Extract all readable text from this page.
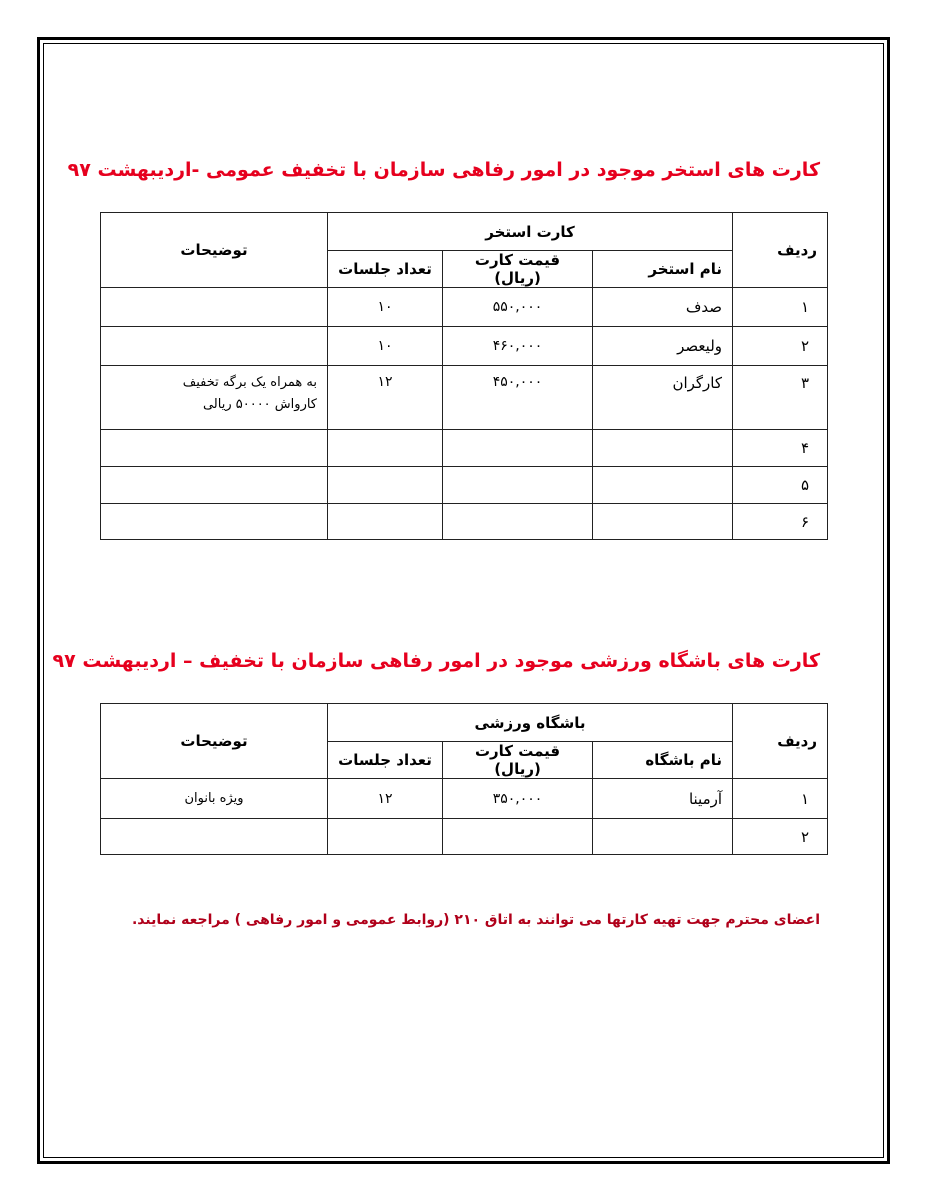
کارت های استخر موجود در امور رفاهی سازمان با تخفیف عمومی -اردیبهشت ۹۷
ردیف	کارت استخر			توضیحات
	نام استخر	قیمت کارت (ریال)	تعداد جلسات	
۱	صدف	۵۵۰,۰۰۰	۱۰	
۲	ولیعصر	۴۶۰,۰۰۰	۱۰	
۳	کارگران	۴۵۰,۰۰۰	۱۲	به همراه یک برگه تخفیف
کارواش ۵۰۰۰۰ ریالی

۴				
۵				
۶				
کارت های باشگاه ورزشی موجود در امور رفاهی سازمان با تخفیف – اردیبهشت ۹۷
ردیف	باشگاه ورزشی			توضیحات
	نام باشگاه	قیمت کارت (ریال)	تعداد جلسات	
۱	آرمینا	۳۵۰,۰۰۰	۱۲	ویژه بانوان
۲				
اعضای محترم جهت تهیه کارتها می توانند به اتاق ۲۱۰ (روابط عمومی و امور رفاهی ) مراجعه نمایند.
